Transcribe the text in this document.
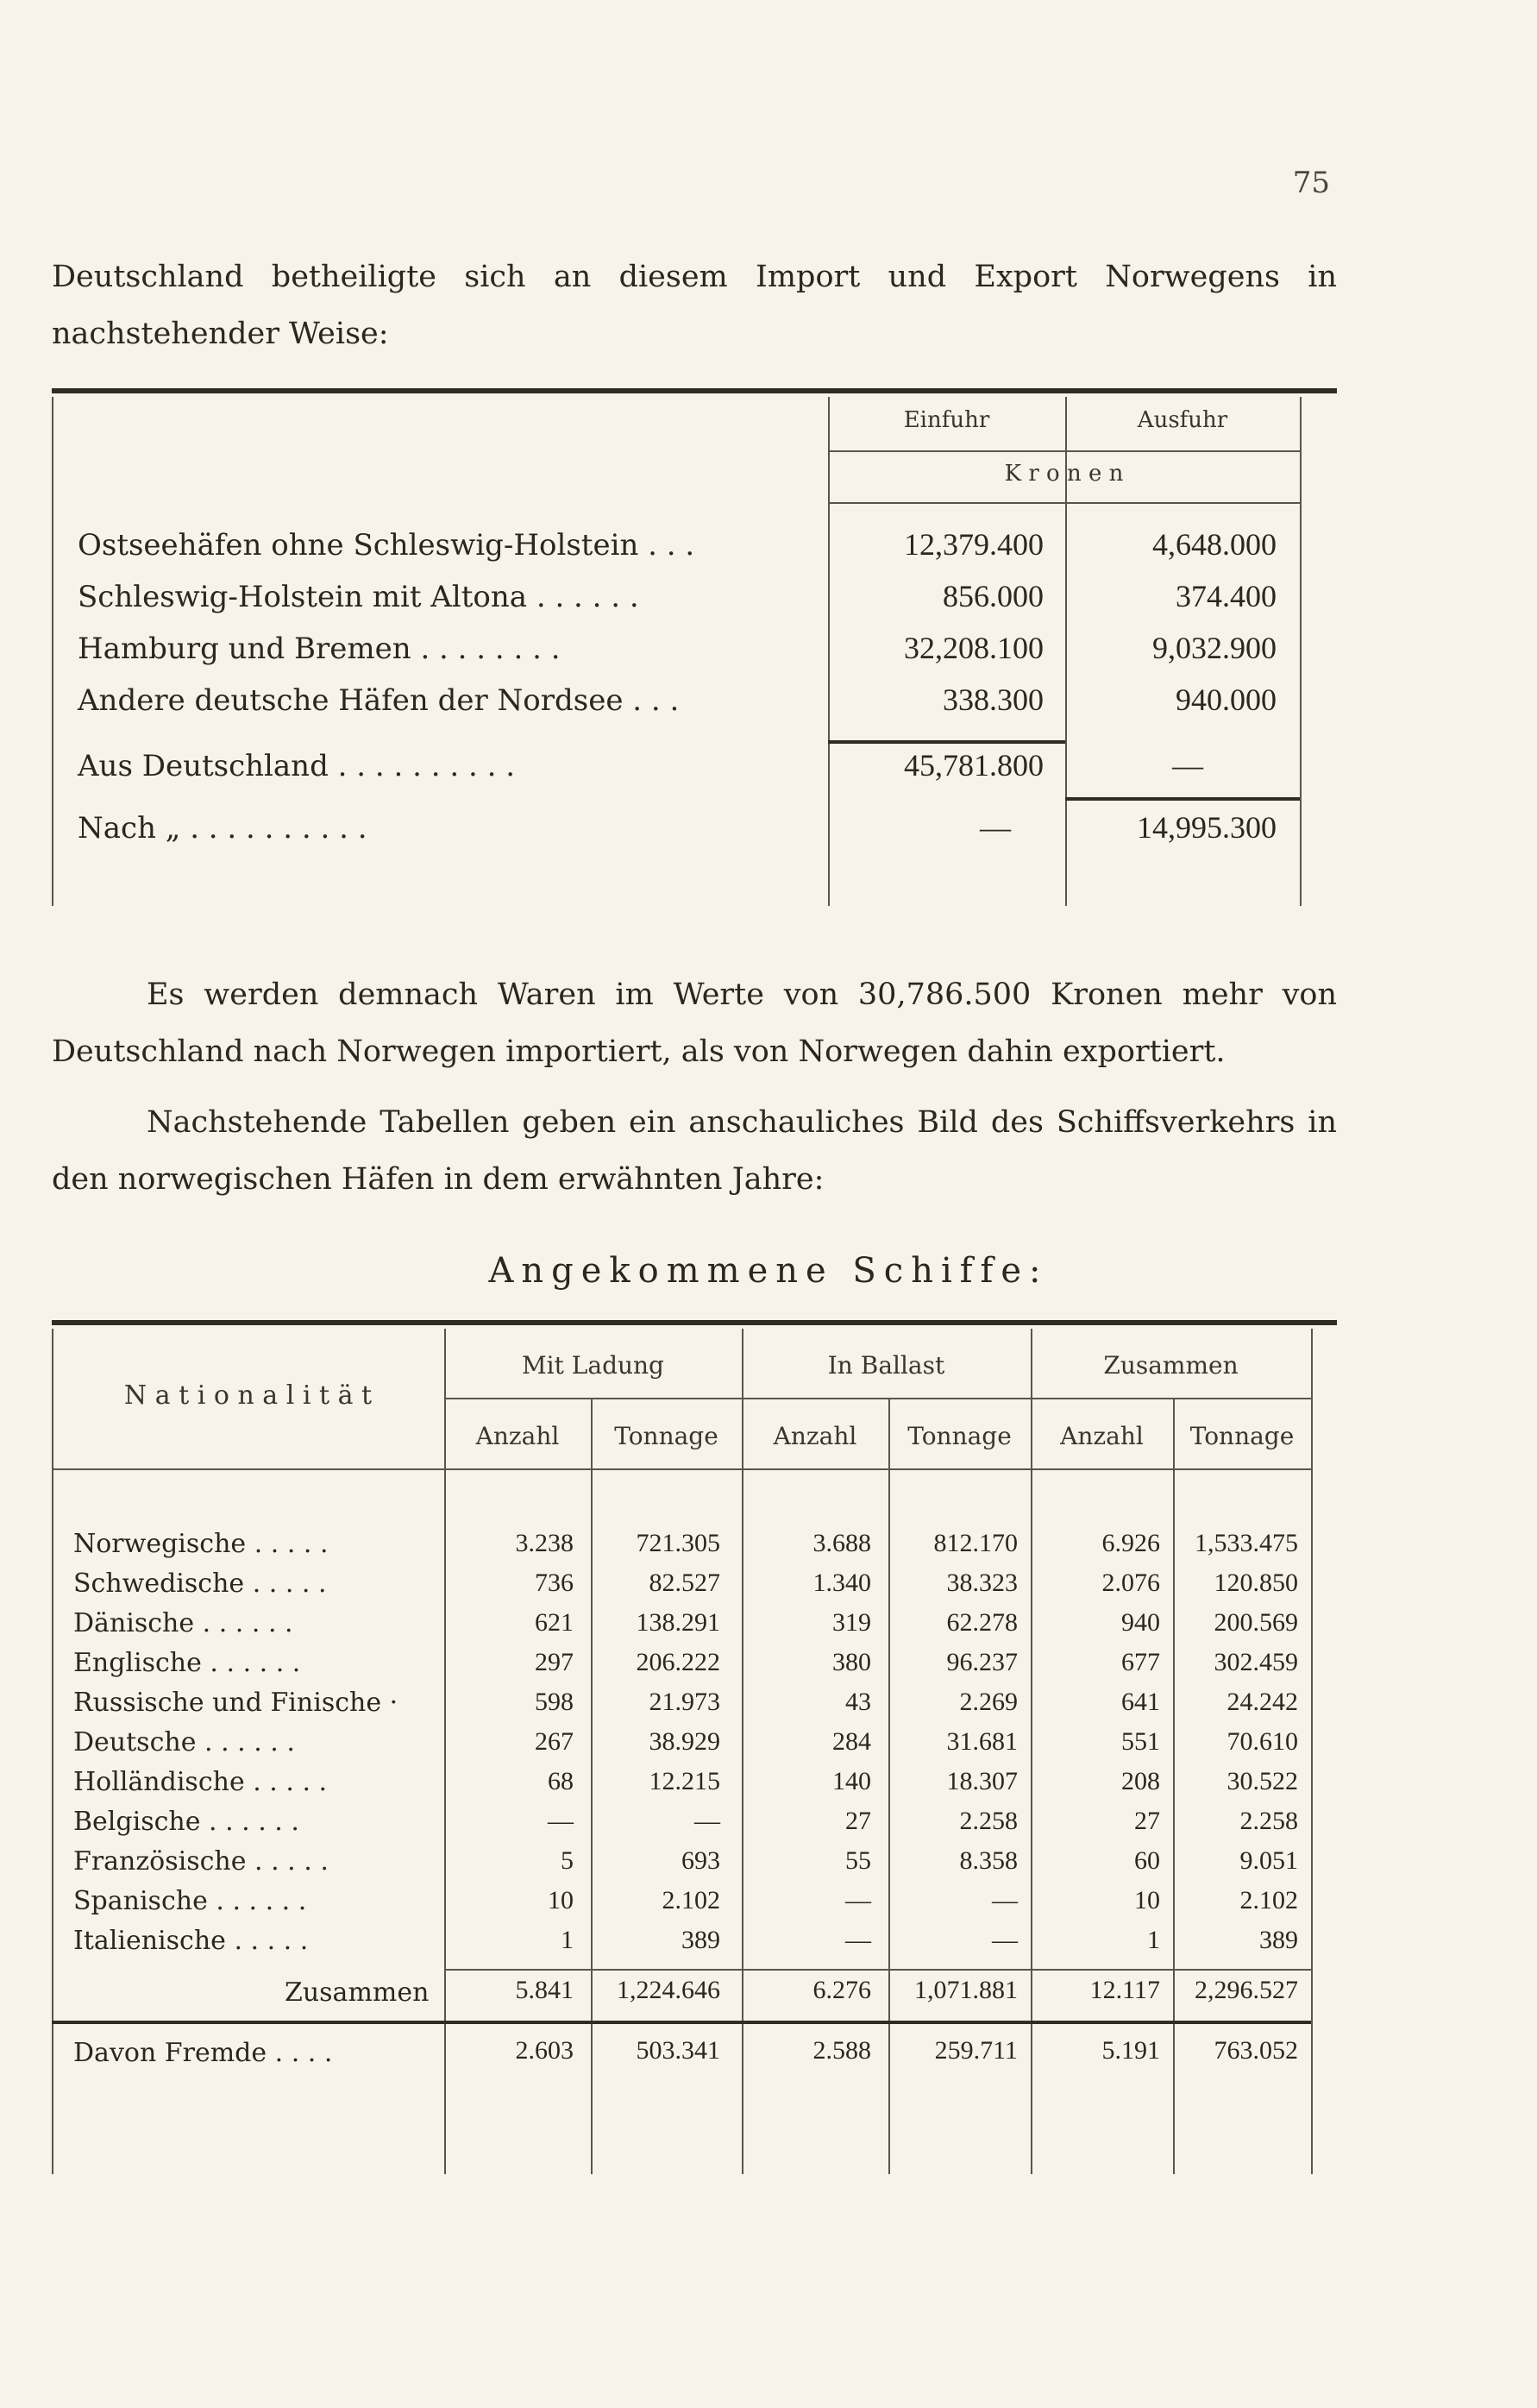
75
Deutschland betheiligte sich an diesem Import und Export Norwegens in nachstehender Weise:
Einfuhr	Ausfuhr
K r o n e n
Ostseehäfen ohne Schleswig-Holstein . . .	12,379.400	4,648.000
Schleswig-Holstein mit Altona . . . . . .	856.000	374.400
Hamburg und Bremen . . . . . . . .	32,208.100	9,032.900
Andere deutsche Häfen der Nordsee . . .	338.300	940.000
Aus Deutschland . . . . . . . . . .	45,781.800	—
Nach „ . . . . . . . . . .	—	14,995.300
Es werden demnach Waren im Werte von 30,786.500 Kronen mehr von Deutschland nach Norwegen importiert, als von Norwegen dahin exportiert.
Nachstehende Tabellen geben ein anschauliches Bild des Schiffsverkehrs in den norwegischen Häfen in dem erwähnten Jahre:
Angekommene Schiffe:
N a t i o n a l i t ä t
Mit Ladung	In Ballast	Zusammen
Anzahl	Tonnage	Anzahl	Tonnage	Anzahl	Tonnage
Norwegische . . . . .	3.238	721.305	3.688	812.170	6.926	1,533.475
Schwedische . . . . .	736	82.527	1.340	38.323	2.076	120.850
Dänische . . . . . .	621	138.291	319	62.278	940	200.569
Englische . . . . . .	297	206.222	380	96.237	677	302.459
Russische und Finische ·	598	21.973	43	2.269	641	24.242
Deutsche . . . . . .	267	38.929	284	31.681	551	70.610
Holländische . . . . .	68	12.215	140	18.307	208	30.522
Belgische . . . . . .	—	—	27	2.258	27	2.258
Französische . . . . .	5	693	55	8.358	60	9.051
Spanische . . . . . .	10	2.102	—	—	10	2.102
Italienische . . . . .	1	389	—	—	1	389
Zusammen	5.841	1,224.646	6.276	1,071.881	12.117	2,296.527
Davon Fremde . . . .	2.603	503.341	2.588	259.711	5.191	763.052
